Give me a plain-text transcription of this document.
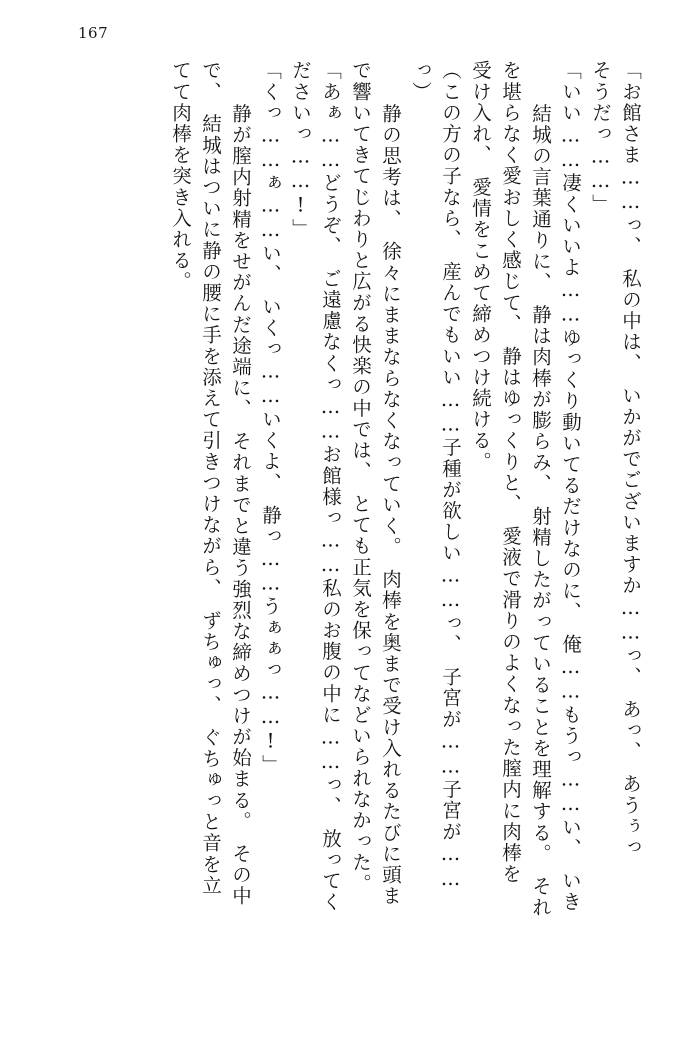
167
「お館さま……っ、　私の中は、　いかがでございますか……っ、　あっ、　あうぅっ
そうだっ……」
「いい……凄くいいよ……ゆっくり動いてるだけなのに、　俺……もうっ……い、　いき
　結城の言葉通りに、　静は肉棒が膨らみ、　射精したがっていることを理解する。　それ
を堪らなく愛おしく感じて、　静はゆっくりと、　愛液で滑りのよくなった膣内に肉棒を
受け入れ、　愛情をこめて締めつけ続ける。
（この方の子なら、　産んでもいい……子種が欲しい……っ、　子宮が……子宮が……
っ）
　静の思考は、　徐々にままならなくなっていく。　肉棒を奥まで受け入れるたびに頭ま
で響いてきてじわりと広がる快楽の中では、　とても正気を保ってなどいられなかった。
「あぁ……どうぞ、　ご遠慮なくっ……お館様っ……私のお腹の中に……っ、　放ってく
ださいっ……!」
「くっ……ぁ……い、　いくっ……いくよ、　静っ……うぁぁっ……!」
　静が膣内射精をせがんだ途端に、　それまでと違う強烈な締めつけが始まる。　その中
で、　結城はついに静の腰に手を添えて引きつけながら、　ずちゅっ、　ぐちゅっと音を立
てて肉棒を突き入れる。
